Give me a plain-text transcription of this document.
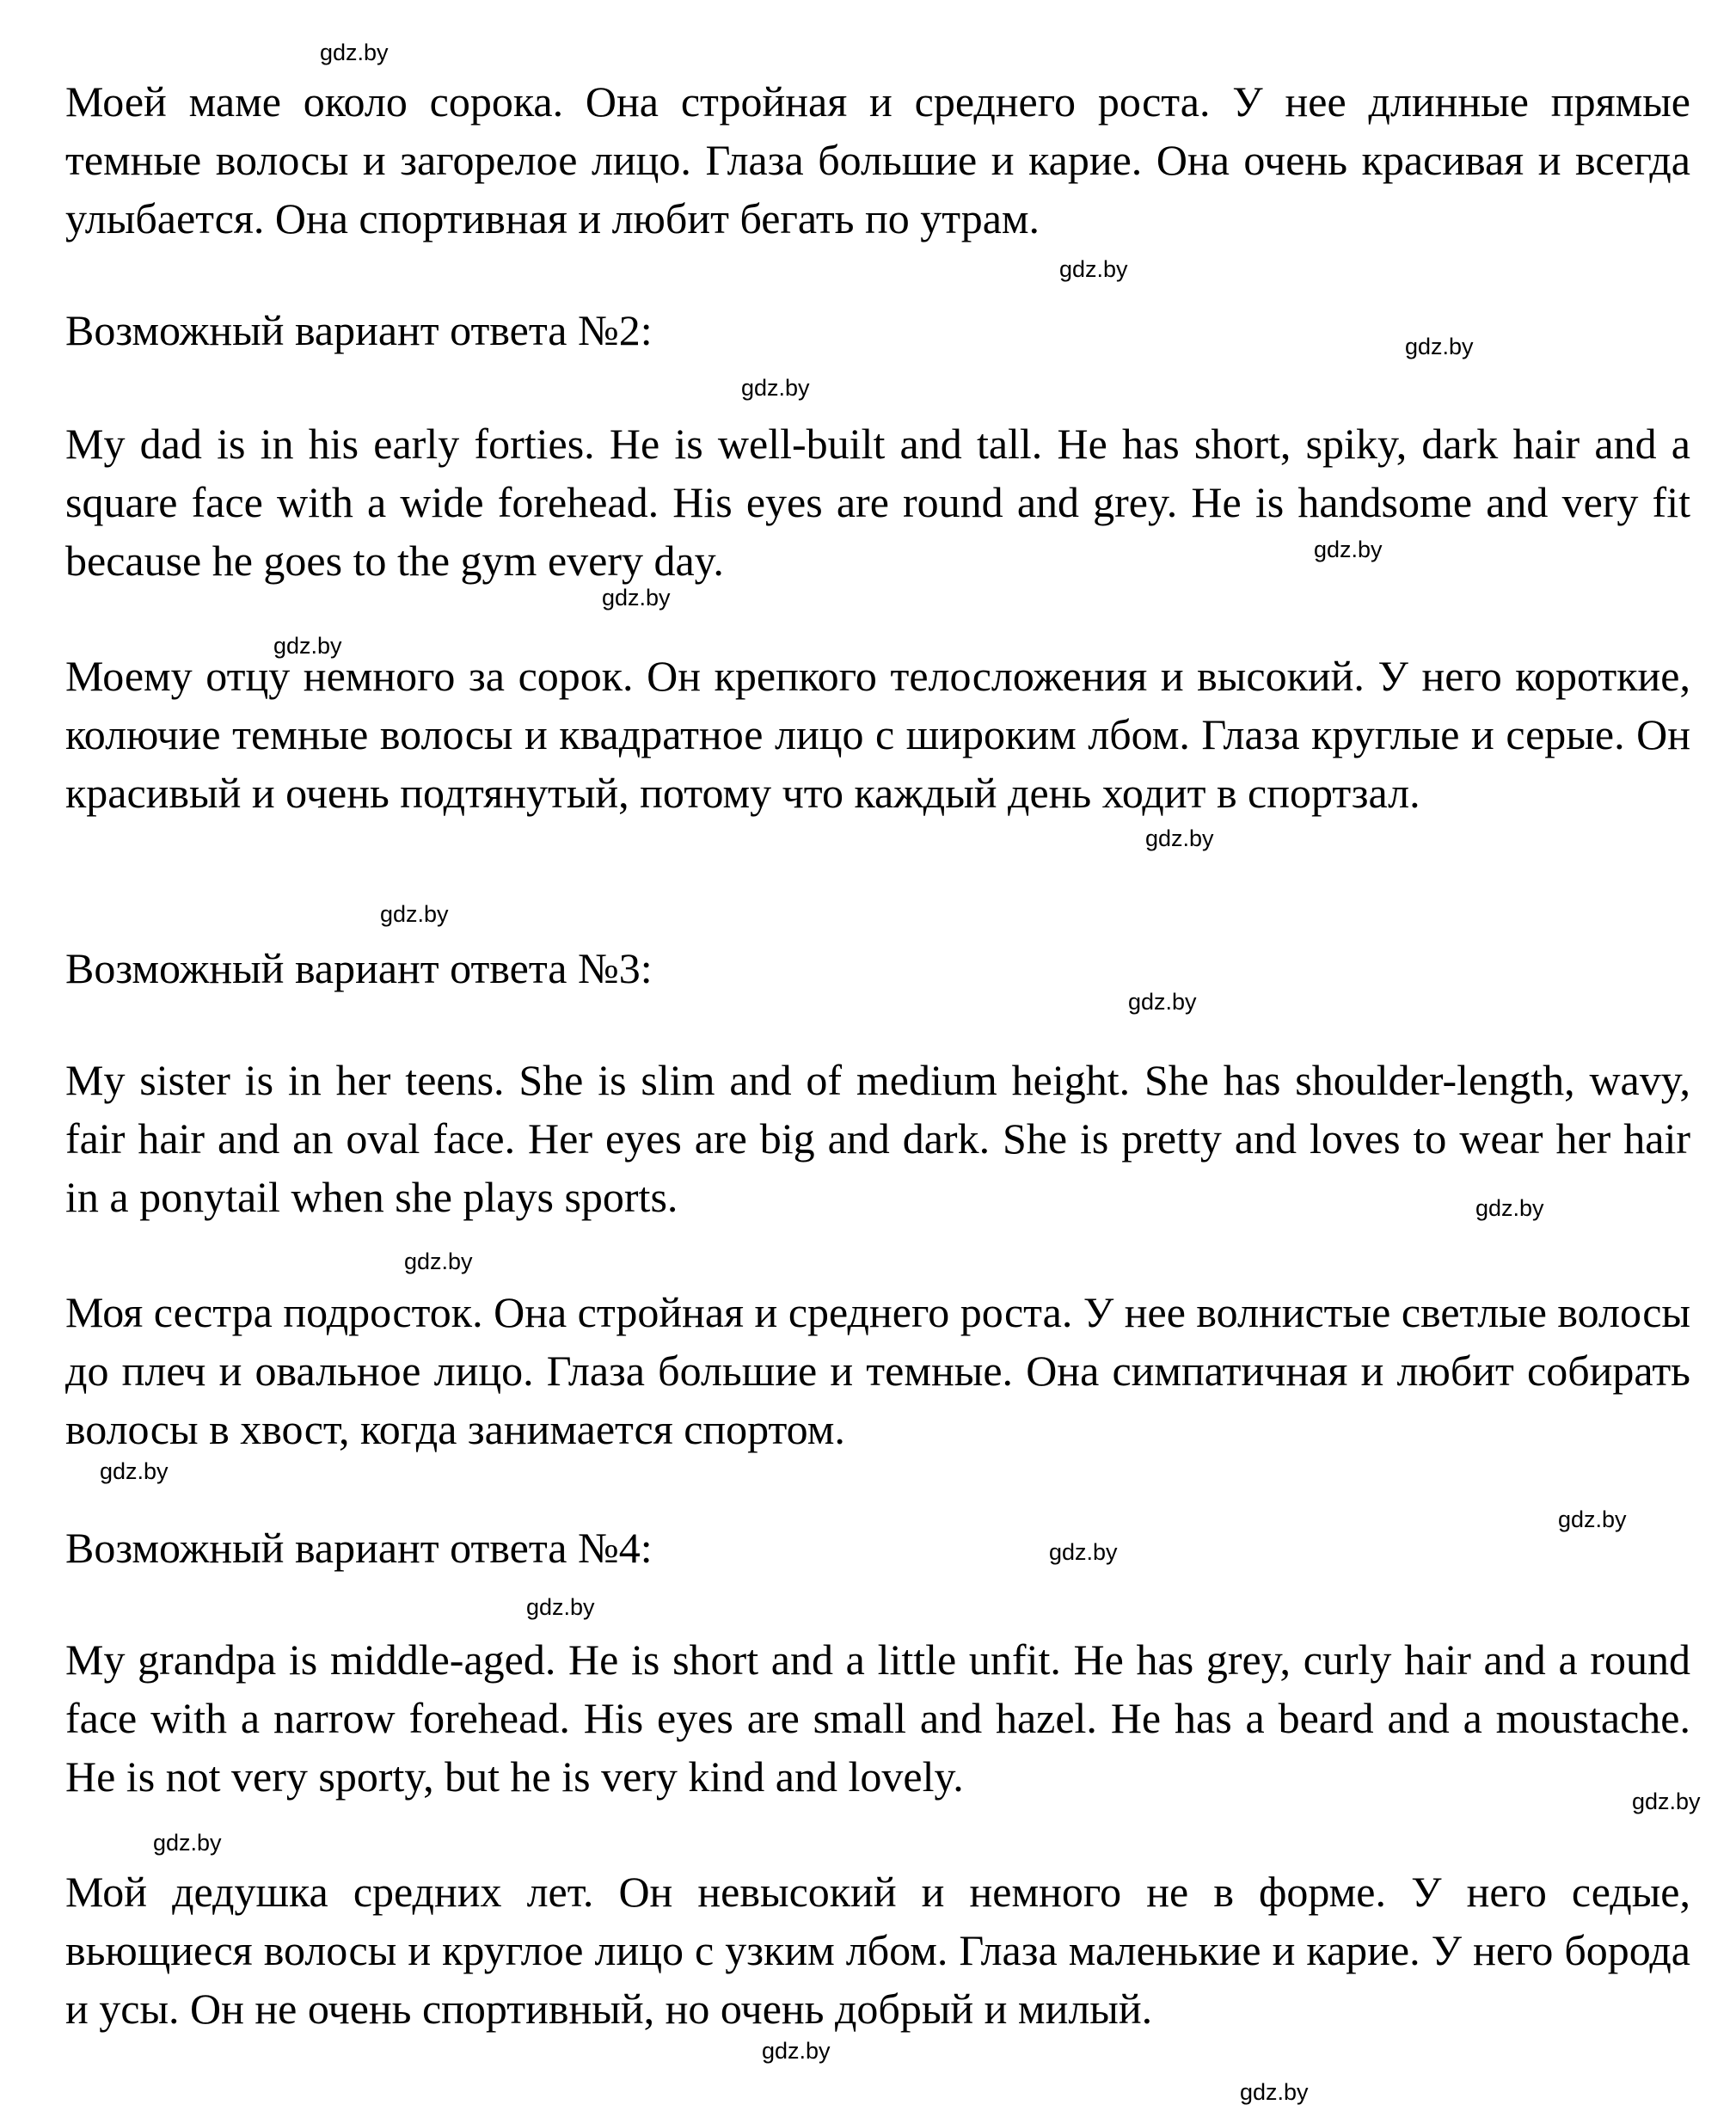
Моей маме около сорока. Она стройная и среднего роста. У нее длинные прямые темные волосы и загорелое лицо. Глаза большие и карие. Она очень красивая и всегда улыбается. Она спортивная и любит бегать по утрам.

Возможный вариант ответа №2:

My dad is in his early forties. He is well-built and tall. He has short, spiky, dark hair and a square face with a wide forehead. His eyes are round and grey. He is handsome and very fit because he goes to the gym every day.

Моему отцу немного за сорок. Он крепкого телосложения и высокий. У него короткие, колючие темные волосы и квадратное лицо с широким лбом. Глаза круглые и серые. Он красивый и очень подтянутый, потому что каждый день ходит в спортзал.

Возможный вариант ответа №3:

My sister is in her teens. She is slim and of medium height. She has shoulder-length, wavy, fair hair and an oval face. Her eyes are big and dark. She is pretty and loves to wear her hair in a ponytail when she plays sports.

Моя сестра подросток. Она стройная и среднего роста. У нее волнистые светлые волосы до плеч и овальное лицо. Глаза большие и темные. Она симпатичная и любит собирать волосы в хвост, когда занимается спортом.

Возможный вариант ответа №4:

My grandpa is middle-aged. He is short and a little unfit. He has grey, curly hair and a round face with a narrow forehead. His eyes are small and hazel. He has a beard and a moustache. He is not very sporty, but he is very kind and lovely.

Мой дедушка средних лет. Он невысокий и немного не в форме. У него седые, вьющиеся волосы и круглое лицо с узким лбом. Глаза маленькие и карие. У него борода и усы. Он не очень спортивный, но очень добрый и милый.

gdz.by
gdz.by
gdz.by
gdz.by
gdz.by
gdz.by
gdz.by
gdz.by
gdz.by
gdz.by
gdz.by
gdz.by
gdz.by
gdz.by
gdz.by
gdz.by
gdz.by
gdz.by
gdz.by
gdz.by
